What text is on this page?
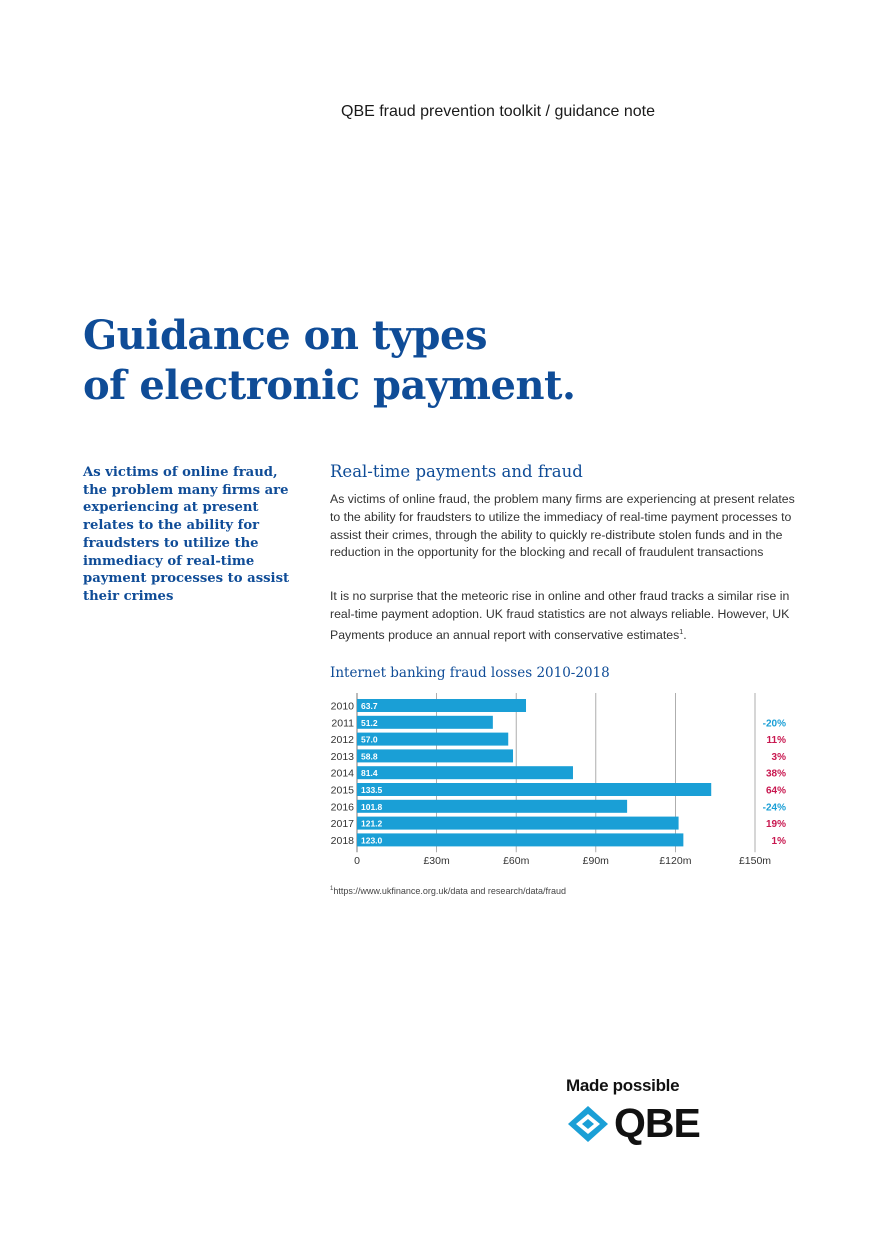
QBE fraud prevention toolkit / guidance note
Guidance on types
of electronic payment.
As victims of online fraud, the problem many firms are experiencing at present relates to the ability for fraudsters to utilize the immediacy of real-time payment processes to assist their crimes
Real-time payments and fraud

As victims of online fraud, the problem many firms are experiencing at present relates to the ability for fraudsters to utilize the immediacy of real-time payment processes to assist their crimes, through the ability to quickly re-distribute stolen funds and in the reduction in the opportunity for the blocking and recall of fraudulent transactions

It is no surprise that the meteoric rise in online and other fraud tracks a similar rise in real-time payment adoption. UK fraud statistics are not always reliable. However, UK Payments produce an annual report with conservative estimates$^1$.

Internet banking fraud losses 2010-2018
2010 63.7
2011 51.2	-20%
2012 57.0	11%
2013 58.8	3%
2014 81.4	38%
2015 133.5	64%
2016 101.8	-24%
2017 121.2	19%
2018 123.0	1%
0	£30m	£60m	£90m	£120m	£150m
$^1$https://www.ukfinance.org.uk/data and research/data/fraud
Made possible
QBE
